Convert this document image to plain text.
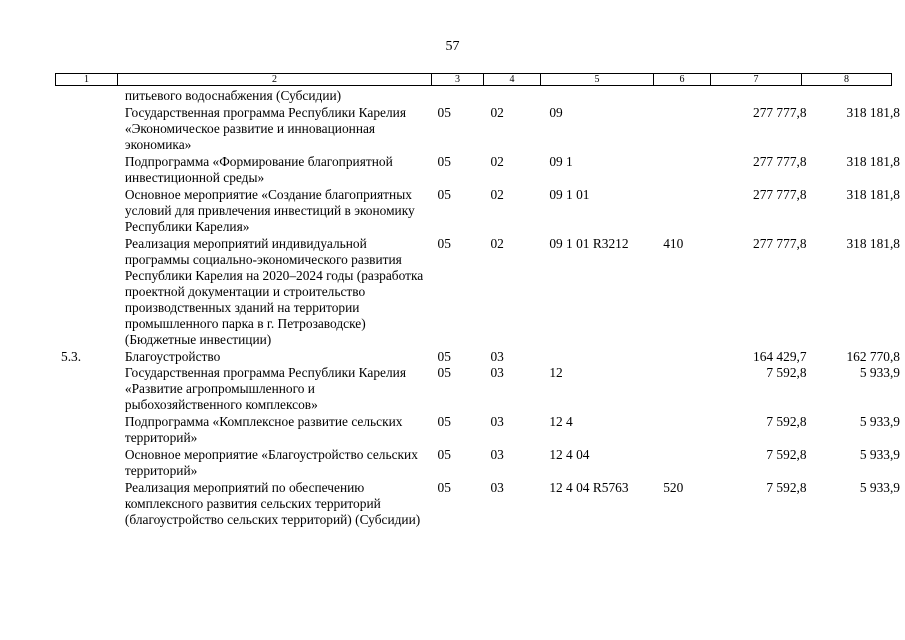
57
1	2	3	4	5	6	7	8
	питьевого водоснабжения (Субсидии)						
	Государственная программа Республики Карелия «Экономическое развитие и инновационная экономика»	05	02	09		277 777,8	318 181,8
	Подпрограмма «Формирование благоприятной инвестиционной среды»	05	02	09 1		277 777,8	318 181,8
	Основное мероприятие «Создание благоприятных условий для привлечения инвестиций в экономику Республики Карелия»	05	02	09 1 01		277 777,8	318 181,8
	Реализация мероприятий индивидуальной программы социально-экономического развития Республики Карелия на 2020–2024 годы (разработка проектной документации и строительство производственных зданий на территории промышленного парка в г. Петрозаводске) (Бюджетные инвестиции)	05	02	09 1 01 R3212	410	277 777,8	318 181,8
5.3.	Благоустройство	05	03			164 429,7	162 770,8
	Государственная программа Республики Карелия «Развитие агропромышленного и рыбохозяйственного комплексов»	05	03	12		7 592,8	5 933,9
	Подпрограмма «Комплексное развитие сельских территорий»	05	03	12 4		7 592,8	5 933,9
	Основное мероприятие «Благоустройство сельских территорий»	05	03	12 4 04		7 592,8	5 933,9
	Реализация мероприятий по обеспечению комплексного развития сельских территорий (благоустройство сельских территорий) (Субсидии)	05	03	12 4 04 R5763	520	7 592,8	5 933,9
